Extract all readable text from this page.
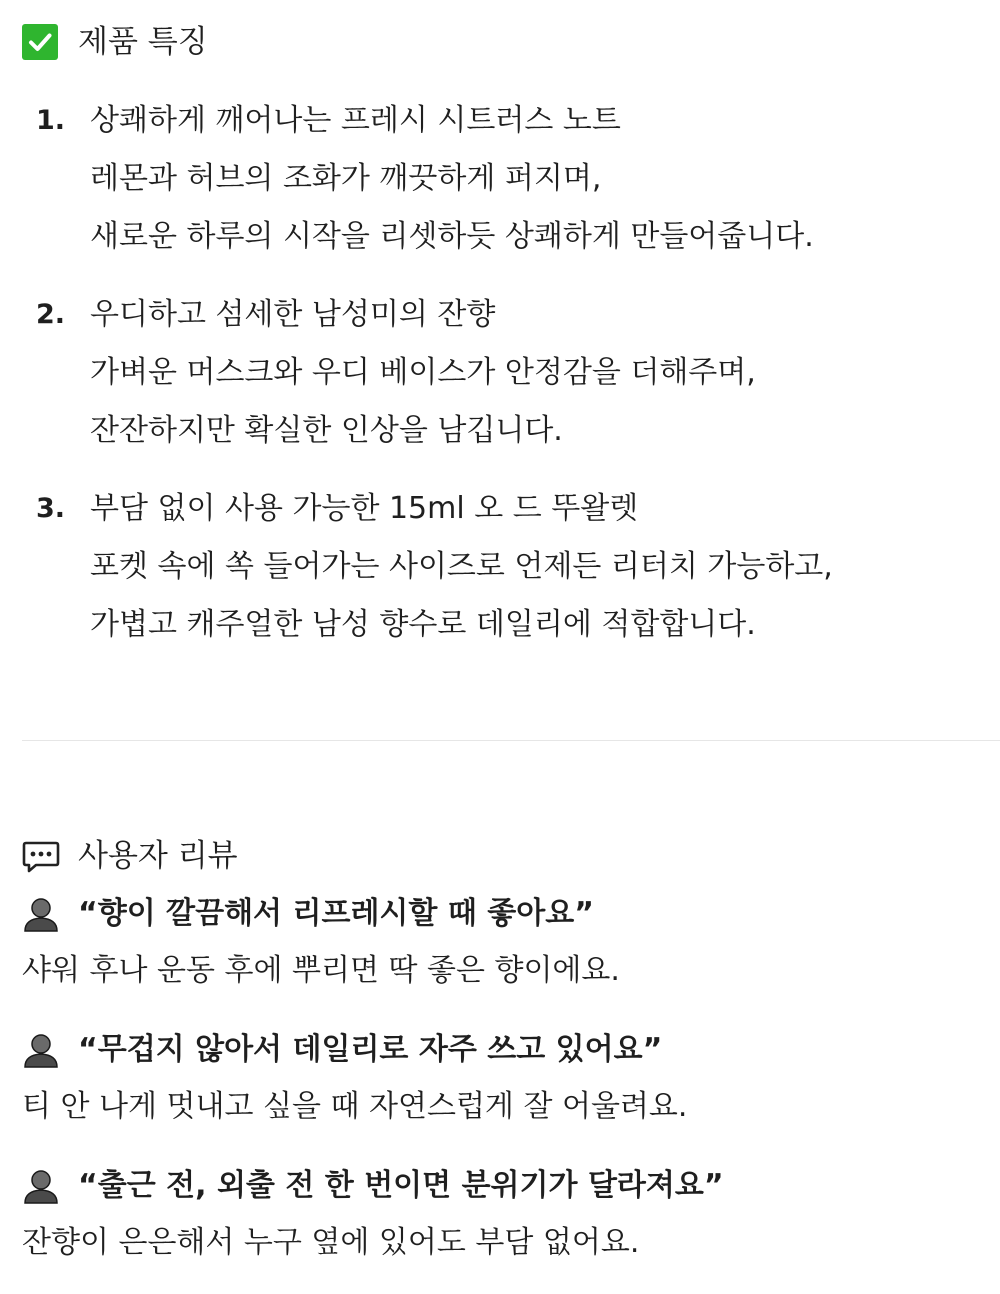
제품 특징
1. 상쾌하게 깨어나는 프레시 시트러스 노트
레몬과 허브의 조화가 깨끗하게 퍼지며,
새로운 하루의 시작을 리셋하듯 상쾌하게 만들어줍니다.
2. 우디하고 섬세한 남성미의 잔향
가벼운 머스크와 우디 베이스가 안정감을 더해주며,
잔잔하지만 확실한 인상을 남깁니다.
3. 부담 없이 사용 가능한 15ml 오 드 뚜왈렛
포켓 속에 쏙 들어가는 사이즈로 언제든 리터치 가능하고,
가볍고 캐주얼한 남성 향수로 데일리에 적합합니다.
사용자 리뷰
“향이 깔끔해서 리프레시할 때 좋아요”
샤워 후나 운동 후에 뿌리면 딱 좋은 향이에요.
“무겁지 않아서 데일리로 자주 쓰고 있어요”
티 안 나게 멋내고 싶을 때 자연스럽게 잘 어울려요.
“출근 전, 외출 전 한 번이면 분위기가 달라져요”
잔향이 은은해서 누구 옆에 있어도 부담 없어요.
